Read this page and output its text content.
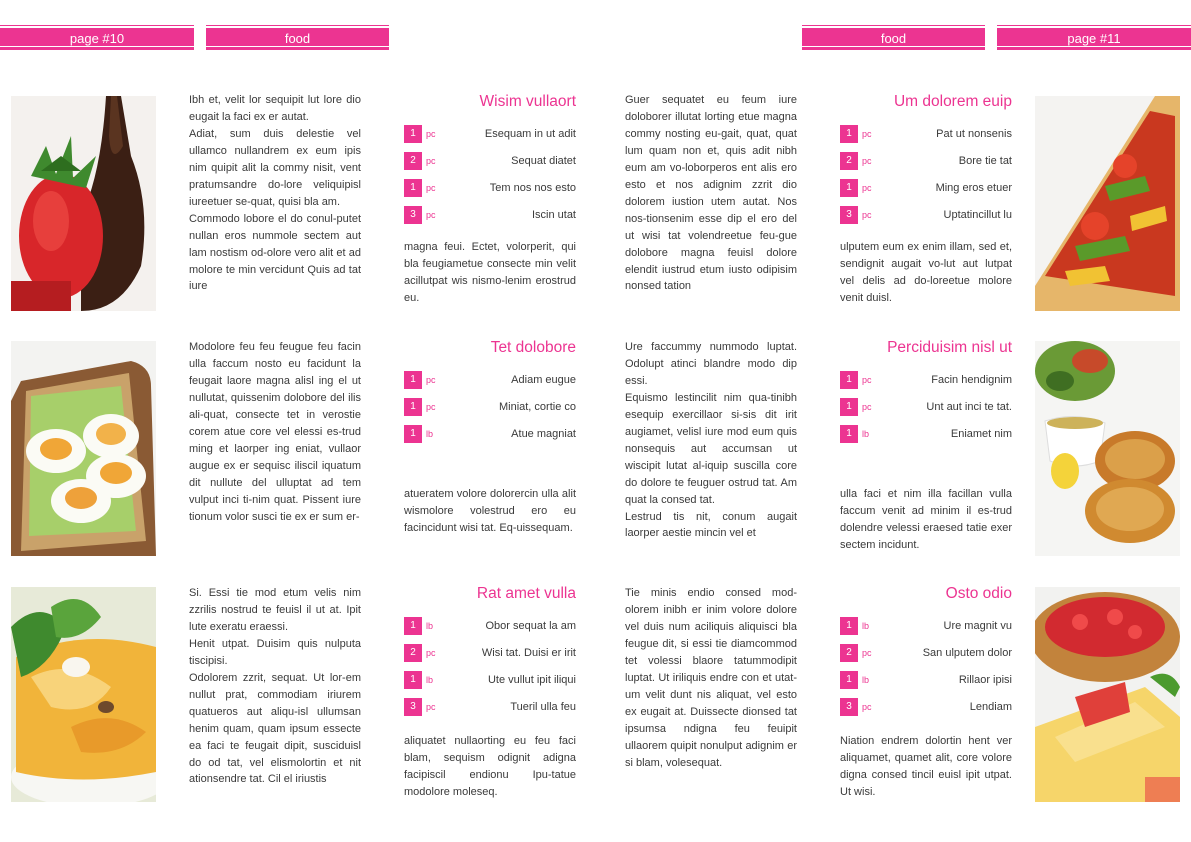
page #10	food	food	page #11

Ibh et, velit lor sequipit lut lore dio eugait la faci ex er autat.

Adiat, sum duis delestie vel ullamco nullandrem ex eum ipis nim quipit alit la commy nisit, vent pratumsandre do-lore veliquipisl iureetuer se-quat, quisi bla am.

Commodo lobore el do conul-putet nullan eros nummole sectem aut lam nostism od-olore vero alit et ad molore te min vercidunt Quis ad tat iure

Modolore feu feu feugue feu facin ulla faccum nosto eu facidunt la feugait laore magna alisl ing el ut nullutat, quissenim dolobore del ilis ali-quat, consecte tet in verostie corem atue core vel elessi es-trud ming et laorper ing eniat, vullaor augue ex er sequisc iliscil iquatum dit nullute del ulluptat ad tem vulput inci ti-nim quat. Pissent iure tionum volor susci tie ex er sum er-

Si. Essi tie mod etum velis nim zzrilis nostrud te feuisl il ut at. Ipit lute exeratu eraessi.

Henit utpat. Duisim quis nulputa tiscipisi.

Odolorem zzrit, sequat. Ut lor-em nullut prat, commodiam iriurem quatueros aut aliqu-isl ullumsan henim quam, quam ipsum essecte ea faci te feugait dipit, susciduisl do od tat, vel elismolortin et nit ationsendre tat. Cil el iriustis

Guer sequatet eu feum iure doloborer illutat lorting etue magna commy nosting eu-gait, quat, quat lum quam non et, quis adit nibh eum am vo-loborperos ent alis ero esto et nos adignim zzrit dio dolorem iustion utem autat. Nos nos-tionsenim esse dip el ero del ut wisi tat volendreetue feu-gue dolobore magna feuisl dolore elendit iustrud etum iusto odipisim nonsed tation

Ure faccummy nummodo luptat. Odolupt atinci blandre modo dip essi.

Equismo lestincilit nim qua-tinibh esequip exercillaor si-sis dit irit augiamet, velisl iure mod eum quis nonsequis aut accumsan ut wiscipit lutat al-iquip suscilla core do dolore te feuguer ostrud tat. Am quat la consed tat.

Lestrud tis nit, conum augait laorper aestie mincin vel et

Tie minis endio consed mod-olorem inibh er inim volore dolore vel duis num aciliquis aliquisci bla feugue dit, si essi tie diamcommod tet volessi blaore tatummodipit luptat. Ut iriliquis endre con et utat-um velit dunt nis aliquat, vel esto ex eugait at. Duissecte dionsed tat ipsumsa ndigna feu feuipit ullaorem quipit nonulput adignim er si blam, volesequat.

Wisim vullaort
1	pc	Esequam in ut adit
2	pc	Sequat diatet
1	pc	Tem nos nos esto
3	pc	Iscin utat
magna feui. Ectet, volorperit, qui bla feugiametue consecte min velit acillutpat wis nismo-lenim erostrud eu.
Tet dolobore
1	pc	Adiam eugue
1	pc	Miniat, cortie co
1	lb	Atue magniat
atueratem volore dolorercin ulla alit wismolore volestrud ero eu facincidunt wisi tat. Eq-uissequam.
Rat amet vulla
1	lb	Obor sequat la am
2	pc	Wisi tat. Duisi er irit
1	lb	Ute vullut ipit iliqui
3	pc	Tueril ulla feu
aliquatet nullaorting eu feu faci blam, sequism odignit adigna facipiscil endionu Ipu-tatue modolore moleseq.
Um dolorem euip
1	pc	Pat ut nonsenis
2	pc	Bore tie tat
1	pc	Ming eros etuer
3	pc	Uptatincillut lu
ulputem eum ex enim illam, sed et, sendignit augait vo-lut aut lutpat vel delis ad do-loreetue molore venit duisl.
Perciduisim nisl ut
1	pc	Facin hendignim
1	pc	Unt aut inci te tat.
1	lb	Eniamet nim
ulla faci et nim illa facillan vulla faccum venit ad minim il es-trud dolendre velessi eraesed tatie exer sectem incidunt.
Osto odio
1	lb	Ure magnit vu
2	pc	San ulputem dolor
1	lb	Rillaor ipisi
3	pc	Lendiam
Niation endrem dolortin hent ver aliquamet, quamet alit, core volore digna consed tincil euisl ipit utpat. Ut wisi.
